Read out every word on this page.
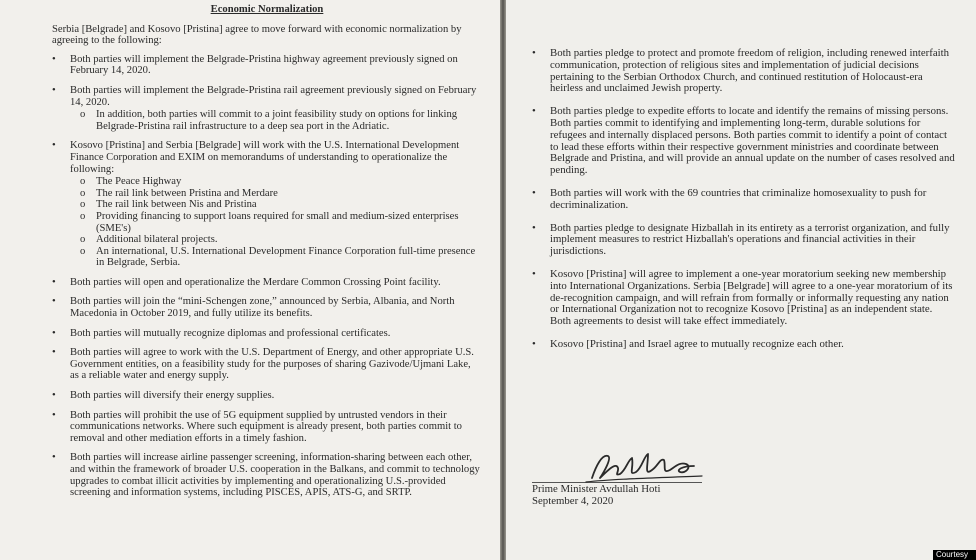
Economic Normalization

Serbia [Belgrade] and Kosovo [Pristina] agree to move forward with economic normalization by agreeing to the following:

• Both parties will implement the Belgrade-Pristina highway agreement previously signed on February 14, 2020.
• Both parties will implement the Belgrade-Pristina rail agreement previously signed on February 14, 2020.
o In addition, both parties will commit to a joint feasibility study on options for linking Belgrade-Pristina rail infrastructure to a deep sea port in the Adriatic.
• Kosovo [Pristina] and Serbia [Belgrade] will work with the U.S. International Development Finance Corporation and EXIM on memorandums of understanding to operationalize the following:
o The Peace Highway
o The rail link between Pristina and Merdare
o The rail link between Nis and Pristina
o Providing financing to support loans required for small and medium-sized enterprises (SME's)
o Additional bilateral projects.
o An international, U.S. International Development Finance Corporation full-time presence in Belgrade, Serbia.
• Both parties will open and operationalize the Merdare Common Crossing Point facility.
• Both parties will join the “mini-Schengen zone,” announced by Serbia, Albania, and North Macedonia in October 2019, and fully utilize its benefits.
• Both parties will mutually recognize diplomas and professional certificates.
• Both parties will agree to work with the U.S. Department of Energy, and other appropriate U.S. Government entities, on a feasibility study for the purposes of sharing Gazivode/Ujmani Lake, as a reliable water and energy supply.
• Both parties will diversify their energy supplies.
• Both parties will prohibit the use of 5G equipment supplied by untrusted vendors in their communications networks. Where such equipment is already present, both parties commit to removal and other mediation efforts in a timely fashion.
• Both parties will increase airline passenger screening, information-sharing between each other, and within the framework of broader U.S. cooperation in the Balkans, and commit to technology upgrades to combat illicit activities by implementing and operationalizing U.S.-provided screening and information systems, including PISCES, APIS, ATS-G, and SRTP.
• Both parties pledge to protect and promote freedom of religion, including renewed interfaith communication, protection of religious sites and implementation of judicial decisions pertaining to the Serbian Orthodox Church, and continued restitution of Holocaust-era heirless and unclaimed Jewish property.
• Both parties pledge to expedite efforts to locate and identify the remains of missing persons. Both parties commit to identifying and implementing long-term, durable solutions for refugees and internally displaced persons. Both parties commit to identify a point of contact to lead these efforts within their respective government ministries and coordinate between Belgrade and Pristina, and will provide an annual update on the number of cases resolved and pending.
• Both parties will work with the 69 countries that criminalize homosexuality to push for decriminalization.
• Both parties pledge to designate Hizballah in its entirety as a terrorist organization, and fully implement measures to restrict Hizballah's operations and financial activities in their jurisdictions.
• Kosovo [Pristina] will agree to implement a one-year moratorium seeking new membership into International Organizations. Serbia [Belgrade] will agree to a one-year moratorium of its de-recognition campaign, and will refrain from formally or informally requesting any nation or International Organization not to recognize Kosovo [Pristina] as an independent state. Both agreements to desist will take effect immediately.
• Kosovo [Pristina] and Israel agree to mutually recognize each other.
Prime Minister Avdullah Hoti
September 4, 2020
Courtesy
